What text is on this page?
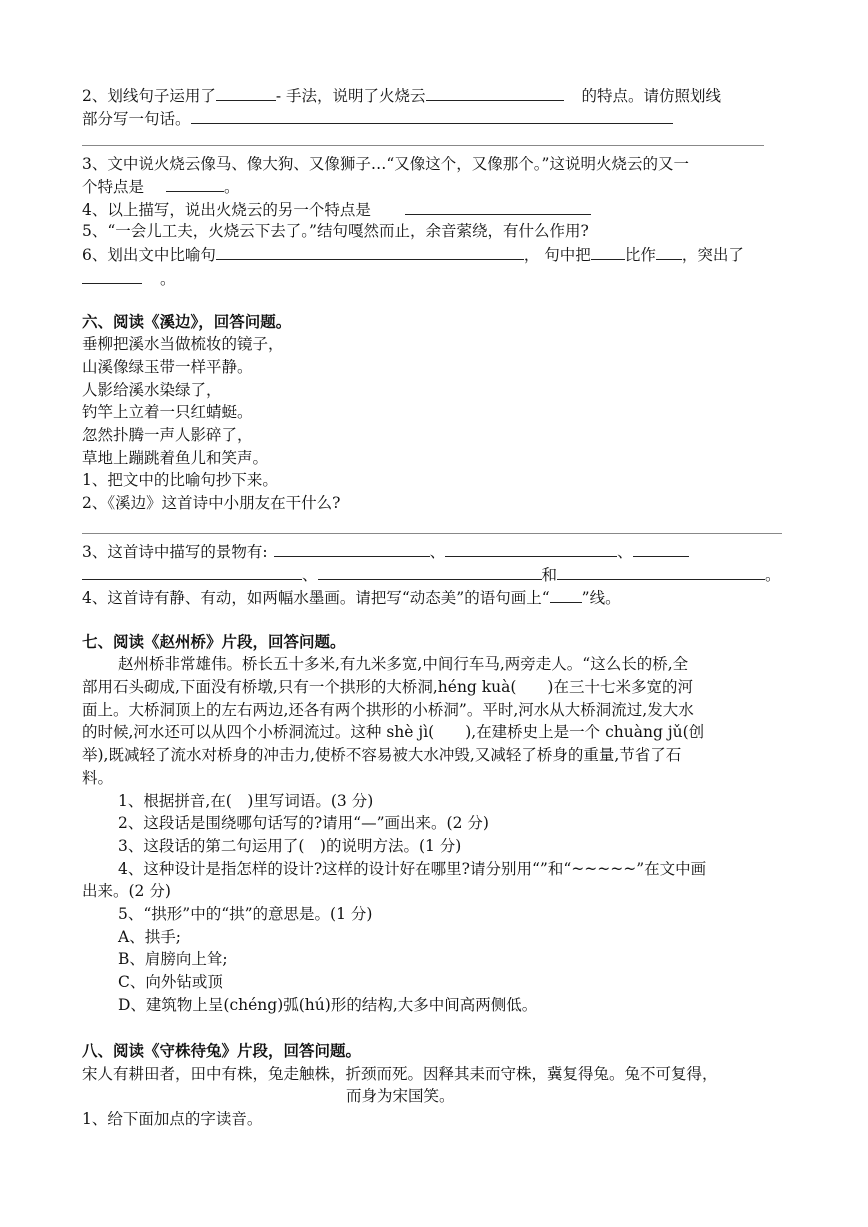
2、划线句子运用了	- 手法，说明了火烧云	的特点。请仿照划线
部分写一句话。
3、文中说火烧云像马、像大狗、又像狮子…“又像这个，又像那个。”这说明火烧云的又一
个特点是	。
4、以上描写，说出火烧云的另一个特点是
5、“一会儿工夫，火烧云下去了。”结句嘎然而止，余音萦绕，有什么作用?
6、划出文中比喻句	， 句中把 比作 ，突出了
。
六、阅读《溪边》，回答问题。
垂柳把溪水当做梳妆的镜子，
山溪像绿玉带一样平静。
人影给溪水染绿了，
钓竿上立着一只红蜻蜓。
忽然扑腾一声人影碎了，
草地上蹦跳着鱼儿和笑声。
1、把文中的比喻句抄下来。
2、《溪边》这首诗中小朋友在干什么?
3、这首诗中描写的景物有:	、	、
、	和	。
4、这首诗有静、有动，如两幅水墨画。请把写“动态美”的语句画上“ ”线。
七、阅读《赵州桥》片段，回答问题。
赵州桥非常雄伟。桥长五十多米,有九米多宽,中间行车马,两旁走人。“这么长的桥,全
部用石头砌成,下面没有桥墩,只有一个拱形的大桥洞,héng kuà(　　)在三十七米多宽的河
面上。大桥洞顶上的左右两边,还各有两个拱形的小桥洞”。平时,河水从大桥洞流过,发大水
的时候,河水还可以从四个小桥洞流过。这种 shè jì(　　),在建桥史上是一个 chuàng jǔ(创
举),既减轻了流水对桥身的冲击力,使桥不容易被大水冲毁,又减轻了桥身的重量,节省了石
料。
1、根据拼音,在(　)里写词语。(3 分)
2、这段话是围绕哪句话写的?请用“—”画出来。(2 分)
3、这段话的第二句运用了(　)的说明方法。(1 分)
4、这种设计是指怎样的设计?这样的设计好在哪里?请分别用“”和“~~~~~”在文中画
出来。(2 分)
5、“拱形”中的“拱”的意思是。(1 分)
A、拱手;
B、肩膀向上耸;
C、向外钻或顶
D、建筑物上呈(chéng)弧(hú)形的结构,大多中间高两侧低。
八、阅读《守株待兔》片段，回答问题。
宋人有耕田者，田中有株，兔走触株，折颈而死。因释其耒而守株，冀复得兔。兔不可复得，
而身为宋国笑。
1、给下面加点的字读音。
